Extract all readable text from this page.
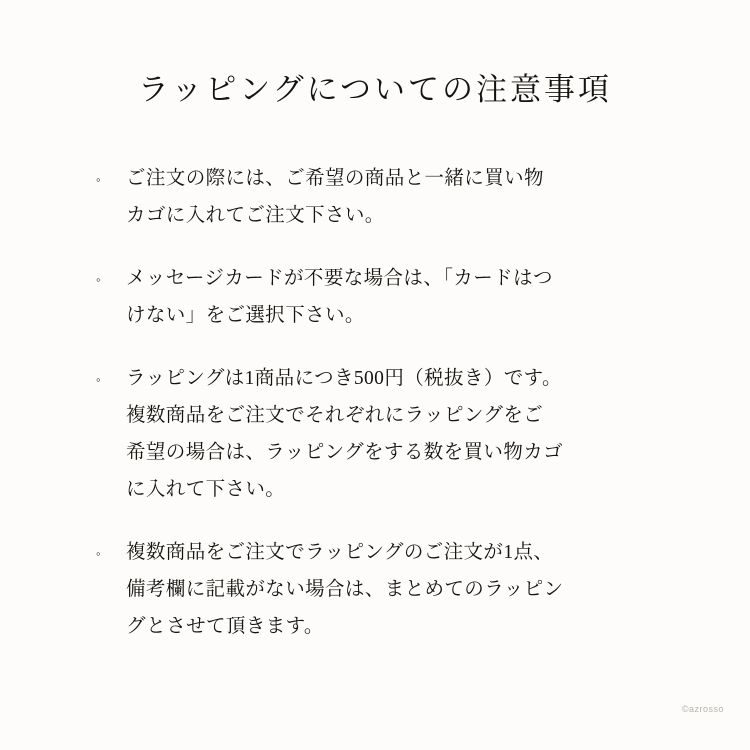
ラッピングについての注意事項
◦	ご注文の際には、ご希望の商品と一緒に買い物

カゴに入れてご注文下さい。

◦	メッセージカードが不要な場合は、「カードはつ

けない」をご選択下さい。

◦	ラッピングは1商品につき500円（税抜き）です。

複数商品をご注文でそれぞれにラッピングをご

希望の場合は、ラッピングをする数を買い物カゴ

に入れて下さい。

◦	複数商品をご注文でラッピングのご注文が1点、

備考欄に記載がない場合は、まとめてのラッピン

グとさせて頂きます。

©azrosso
